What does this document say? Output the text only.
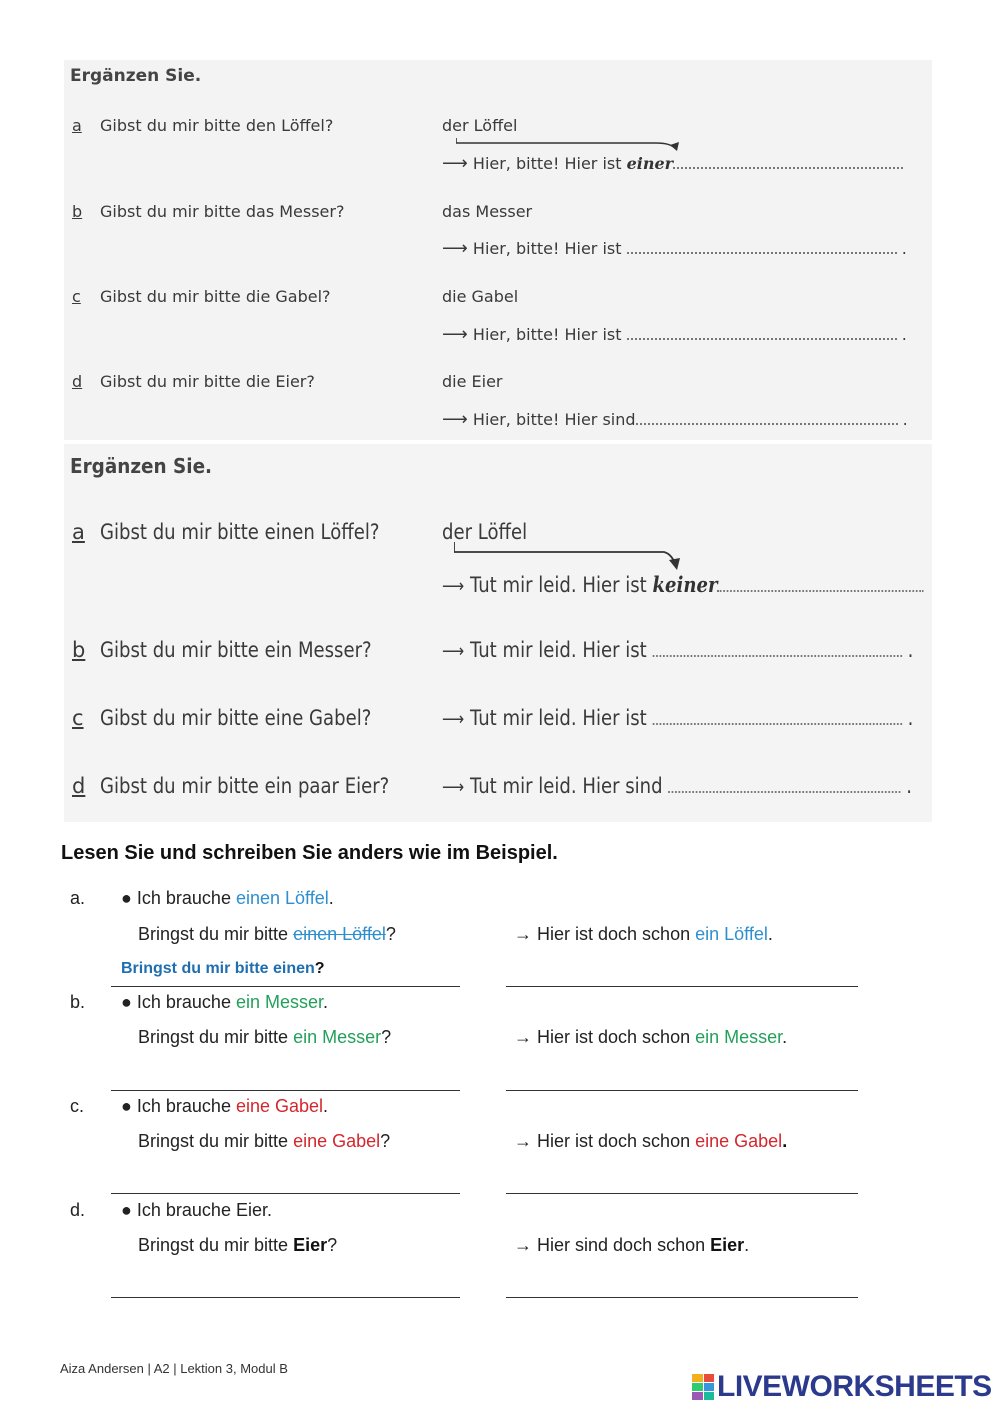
Ergänzen Sie.
a Gibst du mir bitte den Löffel?	der Löffel
⟶ Hier, bitte! Hier ist einer
b Gibst du mir bitte das Messer?	das Messer
⟶ Hier, bitte! Hier ist	.
c Gibst du mir bitte die Gabel?	die Gabel
⟶ Hier, bitte! Hier ist	.
d Gibst du mir bitte die Eier?	die Eier
⟶ Hier, bitte! Hier sind	.
Ergänzen Sie.
a Gibst du mir bitte einen Löffel?	der Löffel
⟶ Tut mir leid. Hier ist keiner
b Gibst du mir bitte ein Messer?	⟶ Tut mir leid. Hier ist	.
c Gibst du mir bitte eine Gabel?	⟶ Tut mir leid. Hier ist	.
d Gibst du mir bitte ein paar Eier?	⟶ Tut mir leid. Hier sind	.
Lesen Sie und schreiben Sie anders wie im Beispiel.
a. ● Ich brauche einen Löffel.
Bringst du mir bitte einen Löffel?	→ Hier ist doch schon ein Löffel.
Bringst du mir bitte einen?
b. ● Ich brauche ein Messer.
Bringst du mir bitte ein Messer?	→ Hier ist doch schon ein Messer.
c. ● Ich brauche eine Gabel.
Bringst du mir bitte eine Gabel?	→ Hier ist doch schon eine Gabel.
d. ● Ich brauche Eier.
Bringst du mir bitte Eier?	→ Hier sind doch schon Eier.
Aiza Andersen | A2 | Lektion 3, Modul B
LIVEWORKSHEETS
